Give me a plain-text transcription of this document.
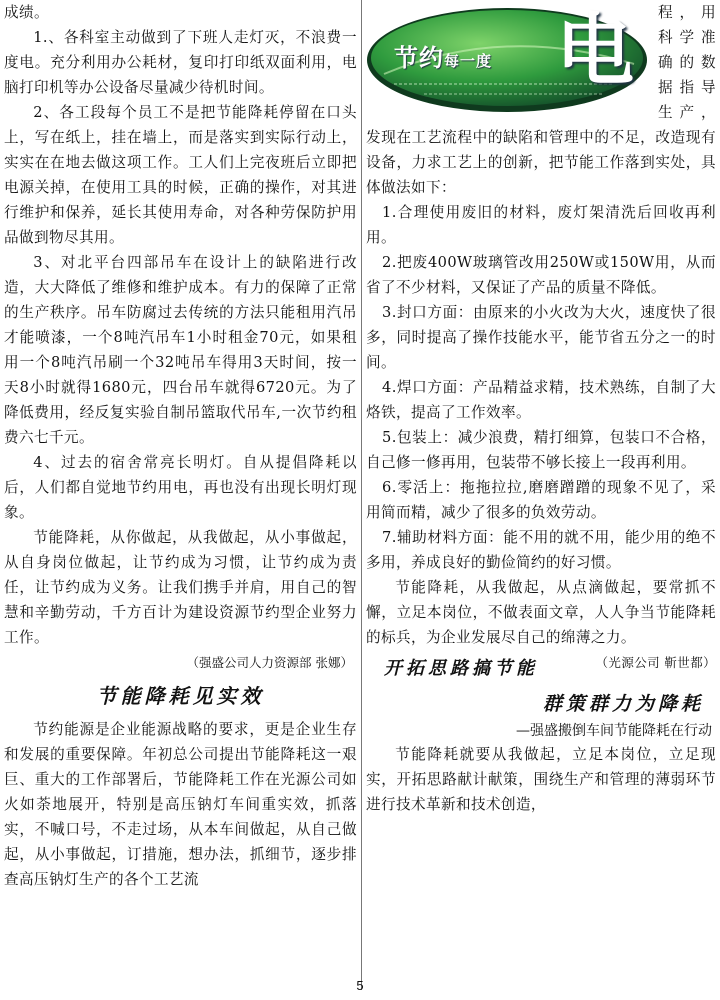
成绩。

1.、各科室主动做到了下班人走灯灭，不浪费一度电。充分利用办公耗材，复印打印纸双面利用，电脑打印机等办公设备尽量减少待机时间。

2、各工段每个员工不是把节能降耗停留在口头上，写在纸上，挂在墙上，而是落实到实际行动上，实实在在地去做这项工作。工人们上完夜班后立即把电源关掉，在使用工具的时候，正确的操作，对其进行维护和保养，延长其使用寿命，对各种劳保防护用品做到物尽其用。

3、对北平台四部吊车在设计上的缺陷进行改造，大大降低了维修和维护成本。有力的保障了正常的生产秩序。吊车防腐过去传统的方法只能租用汽吊才能喷漆，一个8吨汽吊车1小时租金70元，如果租用一个8吨汽吊刷一个32吨吊车得用3天时间，按一天8小时就得1680元，四台吊车就得6720元。为了降低费用，经反复实验自制吊篮取代吊车,一次节约租费六七千元。

4、过去的宿舍常亮长明灯。自从提倡降耗以后，人们都自觉地节约用电，再也没有出现长明灯现象。

节能降耗，从你做起，从我做起，从小事做起，从自身岗位做起，让节约成为习惯，让节约成为责任，让节约成为义务。让我们携手并肩，用自己的智慧和辛勤劳动，千方百计为建设资源节约型企业努力工作。

（强盛公司人力资源部 张娜）
节能降耗见实效

节约能源是企业能源战略的要求，更是企业生存和发展的重要保障。年初总公司提出节能降耗这一艰巨、重大的工作部署后，节能降耗工作在光源公司如火如荼地展开，特别是高压钠灯车间重实效，抓落实，不喊口号，不走过场，从本车间做起，从自己做起，从小事做起，订措施，想办法，抓细节，逐步排查高压钠灯生产的各个工艺流

节约每一度 电	程，用科学准确的数据指导生产，发现在工艺流程中的缺陷和管理中的不足，改造现有设备，力求工艺上的创新，把节能工作落到实处，具体做法如下：

1.合理使用废旧的材料，废灯架清洗后回收再利用。

2.把废400W玻璃管改用250W或150W用，从而省了不少材料，又保证了产品的质量不降低。

3.封口方面：由原来的小火改为大火，速度快了很多，同时提高了操作技能水平，能节省五分之一的时间。

4.焊口方面：产品精益求精，技术熟练，自制了大烙铁，提高了工作效率。

5.包装上：减少浪费，精打细算，包装口不合格，自己修一修再用，包装带不够长接上一段再利用。

6.零活上：拖拖拉拉,磨磨蹭蹭的现象不见了，采用简而精，减少了很多的负效劳动。

7.辅助材料方面：能不用的就不用，能少用的绝不多用，养成良好的勤俭简约的好习惯。

节能降耗，从我做起，从点滴做起，要常抓不懈，立足本岗位，不做表面文章，人人争当节能降耗的标兵，为企业发展尽自己的绵薄之力。
（光源公司 靳世都）

开拓思路搞节能
群策群力为降耗
—强盛搬倒车间节能降耗在行动

节能降耗就要从我做起，立足本岗位，立足现实，开拓思路献计献策，围绕生产和管理的薄弱环节进行技术革新和技术创造，

5
